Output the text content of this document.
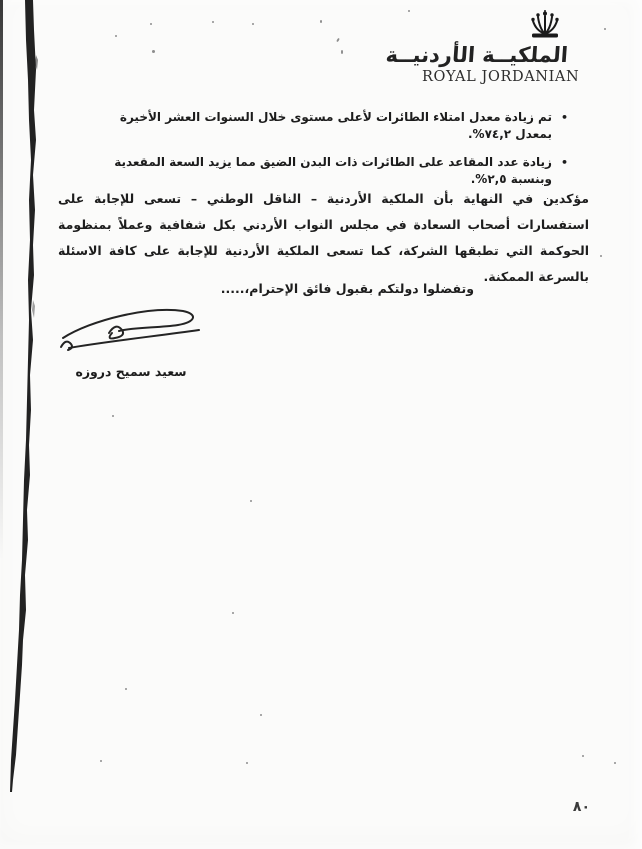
الملكيــة الأردنيــة
ROYAL JORDANIAN
•
تم زيادة معدل امتلاء الطائرات لأعلى مستوى خلال السنوات العشر الأخيرة بمعدل ٧٤,٢%.
•
زيادة عدد المقاعد على الطائرات ذات البدن الضيق مما يزيد السعة المقعدية وبنسبة ٢,٥%.
مؤكدين في النهاية بأن الملكية الأردنية – الناقل الوطني – تسعى للإجابة على استفسارات أصحاب السعادة في مجلس النواب الأردني بكل شفافية وعملاً بمنظومة الحوكمة التي تطبقها الشركة، كما تسعى الملكية الأردنية للإجابة على كافة الاسئلة بالسرعة الممكنة.
وتفضلوا دولتكم بقبول فائق الإحترام،.....
سعيد سميح دروزه
٨٠
